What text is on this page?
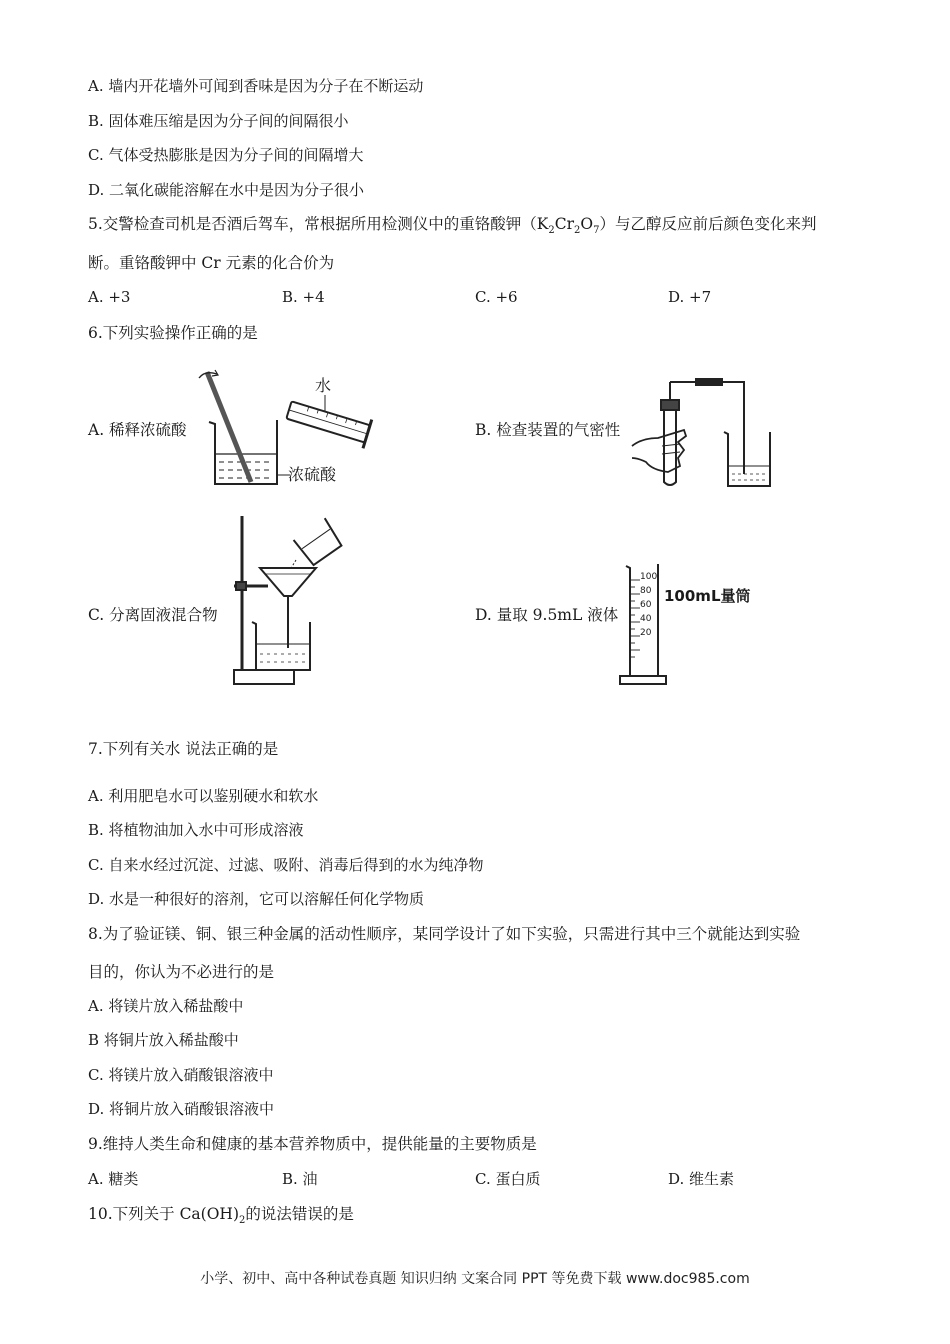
A. 墙内开花墙外可闻到香味是因为分子在不断运动
B. 固体难压缩是因为分子间的间隔很小
C. 气体受热膨胀是因为分子间的间隔增大
D. 二氧化碳能溶解在水中是因为分子很小
5.交警检查司机是否酒后驾车，常根据所用检测仪中的重铬酸钾$(K_2Cr_2O_7)$与乙醇反应前后颜色变化来判
断。重铬酸钾中 Cr 元素的化合价为
A. +3	B. +4	C. +6	D. +7
6.下列实验操作正确的是
A. 稀释浓硫酸	B. 检查装置的气密性
C. 分离固液混合物	D. 量取 9.5mL 液体
水
浓硫酸
100
80
60
40
20
100mL量筒
7.下列有关水 说法正确的是
A. 利用肥皂水可以鉴别硬水和软水
B. 将植物油加入水中可形成溶液
C. 自来水经过沉淀、过滤、吸附、消毒后得到的水为纯净物
D. 水是一种很好的溶剂，它可以溶解任何化学物质
8.为了验证镁、铜、银三种金属的活动性顺序，某同学设计了如下实验，只需进行其中三个就能达到实验
目的，你认为不必进行的是
A. 将镁片放入稀盐酸中
B 将铜片放入稀盐酸中
C. 将镁片放入硝酸银溶液中
D. 将铜片放入硝酸银溶液中
9.维持人类生命和健康的基本营养物质中，提供能量的主要物质是
A. 糖类	B. 油	C. 蛋白质	D. 维生素
10.下列关于 $Ca(OH)_2$的说法错误的是
小学、初中、高中各种试卷真题 知识归纳 文案合同 PPT 等免费下载 www.doc985.com
